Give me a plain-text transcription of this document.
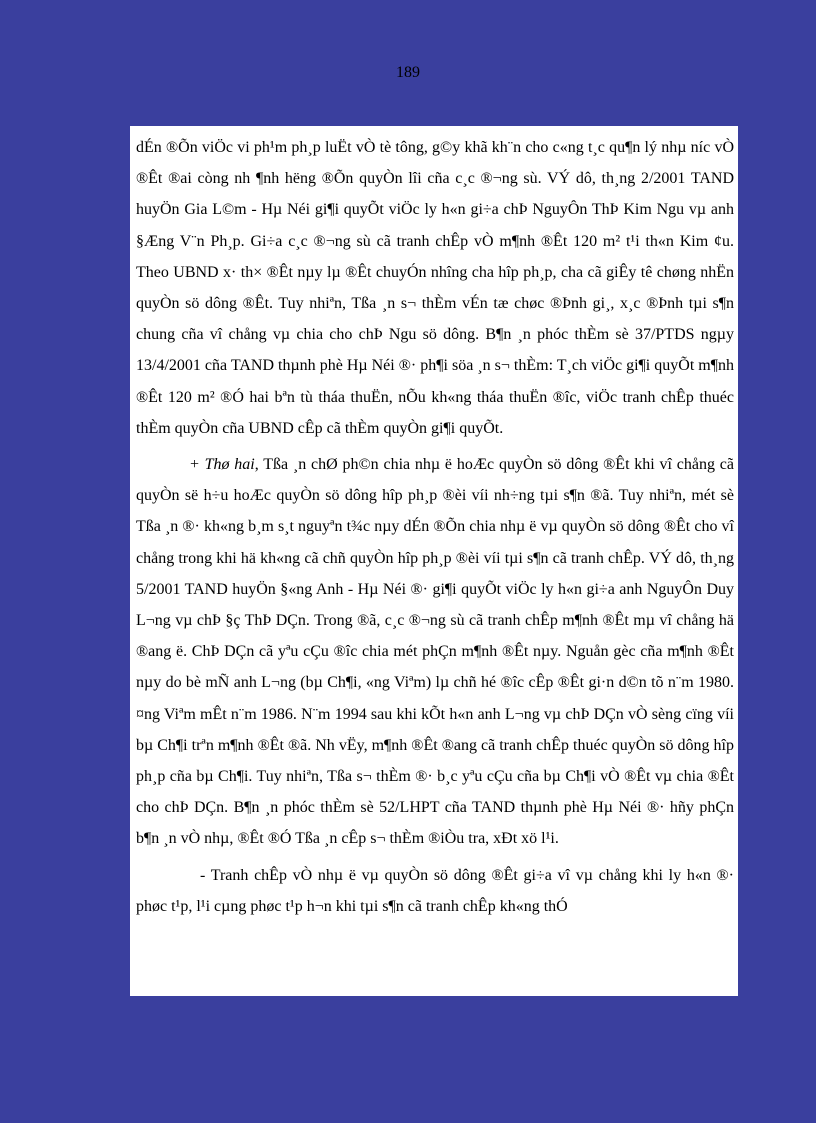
189

dÉn ®Õn viÖc vi ph¹m ph¸p luËt vÒ tè tông, g©y khã kh¨n cho c«ng t¸c qu¶n lý nhµ níc vÒ ®Êt ®ai còng nh ¶nh hëng ®Õn quyÒn lîi cña c¸c ®¬ng sù. VÝ dô, th¸ng 2/2001 TAND huyÖn Gia L©m - Hµ Néi gi¶i quyÕt viÖc ly h«n gi÷a chÞ NguyÔn ThÞ Kim Ngu vµ anh §Æng V¨n Ph¸p. Gi÷a c¸c ®¬ng sù cã tranh chÊp vÒ m¶nh ®Êt 120 m² t¹i th«n Kim ¢u. Theo UBND x· th× ®Êt nµy lµ ®Êt chuyÓn nhîng cha hîp ph¸p, cha cã giÊy tê chøng nhËn quyÒn sö dông ®Êt. Tuy nhiªn, Tßa ¸n s¬ thÈm vÉn tæ chøc ®Þnh gi¸, x¸c ®Þnh tµi s¶n chung cña vî chång vµ chia cho chÞ Ngu sö dông. B¶n ¸n phóc thÈm sè 37/PTDS ngµy 13/4/2001 cña TAND thµnh phè Hµ Néi ®· ph¶i söa ¸n s¬ thÈm: T¸ch viÖc gi¶i quyÕt m¶nh ®Êt 120 m² ®Ó hai bªn tù tháa thuËn, nÕu kh«ng tháa thuËn ®îc, viÖc tranh chÊp thuéc thÈm quyÒn cña UBND cÊp cã thÈm quyÒn gi¶i quyÕt.

+ Thø hai, Tßa ¸n chØ ph©n chia nhµ ë hoÆc quyÒn sö dông ®Êt khi vî chång cã quyÒn së h÷u hoÆc quyÒn sö dông hîp ph¸p ®èi víi nh÷ng tµi s¶n ®ã. Tuy nhiªn, mét sè Tßa ¸n ®· kh«ng b¸m s¸t nguyªn t¾c nµy dÉn ®Õn chia nhµ ë vµ quyÒn sö dông ®Êt cho vî chång trong khi hä kh«ng cã chñ quyÒn hîp ph¸p ®èi víi tµi s¶n cã tranh chÊp. VÝ dô, th¸ng 5/2001 TAND huyÖn §«ng Anh - Hµ Néi ®· gi¶i quyÕt viÖc ly h«n gi÷a anh NguyÔn Duy L¬ng vµ chÞ §ç ThÞ DÇn. Trong ®ã, c¸c ®¬ng sù cã tranh chÊp m¶nh ®Êt mµ vî chång hä ®ang ë. ChÞ DÇn cã yªu cÇu ®îc chia mét phÇn m¶nh ®Êt nµy. Nguån gèc cña m¶nh ®Êt nµy do bè mÑ anh L¬ng (bµ Ch¶i, «ng Viªm) lµ chñ hé ®îc cÊp ®Êt gi·n d©n tõ n¨m 1980. ¤ng Viªm mÊt n¨m 1986. N¨m 1994 sau khi kÕt h«n anh L¬ng vµ chÞ DÇn vÒ sèng cïng víi bµ Ch¶i trªn m¶nh ®Êt ®ã. Nh vËy, m¶nh ®Êt ®ang cã tranh chÊp thuéc quyÒn sö dông hîp ph¸p cña bµ Ch¶i. Tuy nhiªn, Tßa s¬ thÈm ®· b¸c yªu cÇu cña bµ Ch¶i vÒ ®Êt vµ chia ®Êt cho chÞ DÇn. B¶n ¸n phóc thÈm sè 52/LHPT cña TAND thµnh phè Hµ Néi ®· hñy phÇn b¶n ¸n vÒ nhµ, ®Êt ®Ó Tßa ¸n cÊp s¬ thÈm ®iÒu tra, xÐt xö l¹i.

- Tranh chÊp vÒ nhµ ë vµ quyÒn sö dông ®Êt gi÷a vî vµ chång khi ly h«n ®· phøc t¹p, l¹i cµng phøc t¹p h¬n khi tµi s¶n cã tranh chÊp kh«ng thÓ
